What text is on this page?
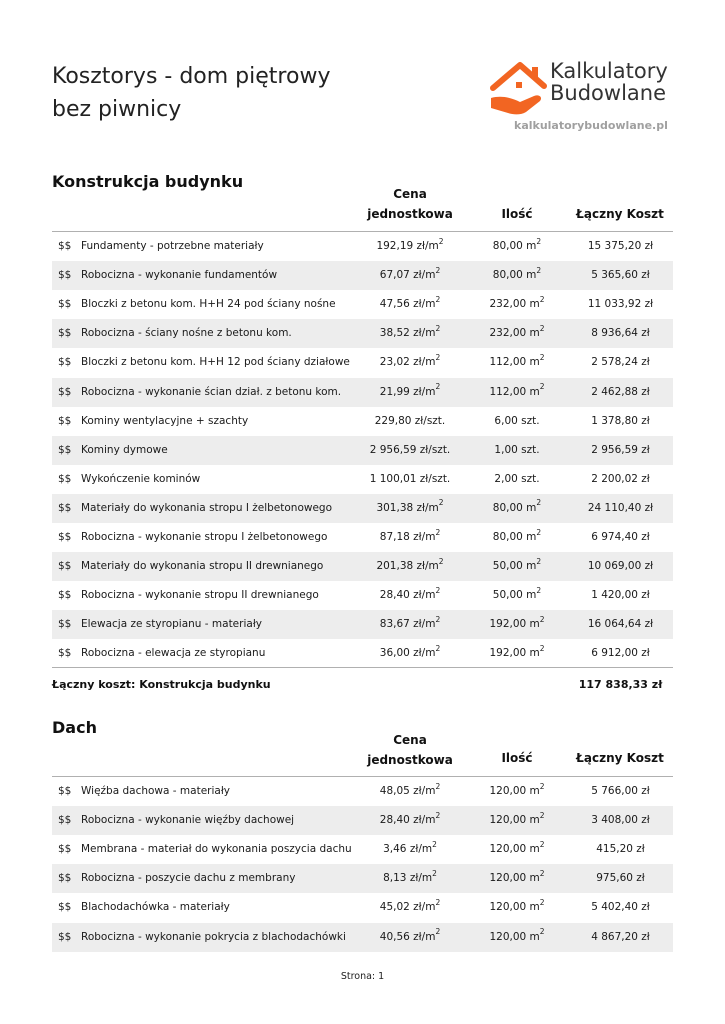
Kosztorys - dom piętrowy
bez piwnicy
Kalkulatory
Budowlane
kalkulatorybudowlane.pl
Konstrukcja budynku
Cena
jednostkowa	Ilość	Łączny Koszt
$$ Fundamenty - potrzebne materiały	192,19 $zł/m^2$	80,00 $m^2$	15 375,20 zł
$$ Robocizna - wykonanie fundamentów	67,07 $zł/m^2$	80,00 $m^2$	5 365,60 zł
$$ Bloczki z betonu kom. H+H 24 pod ściany nośne	47,56 $zł/m^2$	232,00 $m^2$	11 033,92 zł
$$ Robocizna - ściany nośne z betonu kom.	38,52 $zł/m^2$	232,00 $m^2$	8 936,64 zł
$$ Bloczki z betonu kom. H+H 12 pod ściany działowe	23,02 $zł/m^2$	112,00 $m^2$	2 578,24 zł
$$ Robocizna - wykonanie ścian dział. z betonu kom.	21,99 $zł/m^2$	112,00 $m^2$	2 462,88 zł
$$ Kominy wentylacyjne + szachty	229,80 zł/szt.	6,00 szt.	1 378,80 zł
$$ Kominy dymowe	2 956,59 zł/szt.	1,00 szt.	2 956,59 zł
$$ Wykończenie kominów	1 100,01 zł/szt.	2,00 szt.	2 200,02 zł
$$ Materiały do wykonania stropu I żelbetonowego	301,38 $zł/m^2$	80,00 $m^2$	24 110,40 zł
$$ Robocizna - wykonanie stropu I żelbetonowego	87,18 $zł/m^2$	80,00 $m^2$	6 974,40 zł
$$ Materiały do wykonania stropu II drewnianego	201,38 $zł/m^2$	50,00 $m^2$	10 069,00 zł
$$ Robocizna - wykonanie stropu II drewnianego	28,40 $zł/m^2$	50,00 $m^2$	1 420,00 zł
$$ Elewacja ze styropianu - materiały	83,67 $zł/m^2$	192,00 $m^2$	16 064,64 zł
$$ Robocizna - elewacja ze styropianu	36,00 $zł/m^2$	192,00 $m^2$	6 912,00 zł
Łączny koszt: Konstrukcja budynku	117 838,33 zł
Dach
Cena
jednostkowa	Ilość	Łączny Koszt
$$ Więźba dachowa - materiały	48,05 $zł/m^2$	120,00 $m^2$	5 766,00 zł
$$ Robocizna - wykonanie więźby dachowej	28,40 $zł/m^2$	120,00 $m^2$	3 408,00 zł
$$ Membrana - materiał do wykonania poszycia dachu	3,46 $zł/m^2$	120,00 $m^2$	415,20 zł
$$ Robocizna - poszycie dachu z membrany	8,13 $zł/m^2$	120,00 $m^2$	975,60 zł
$$ Blachodachówka - materiały	45,02 $zł/m^2$	120,00 $m^2$	5 402,40 zł
$$ Robocizna - wykonanie pokrycia z blachodachówki	40,56 $zł/m^2$	120,00 $m^2$	4 867,20 zł
Strona: 1
